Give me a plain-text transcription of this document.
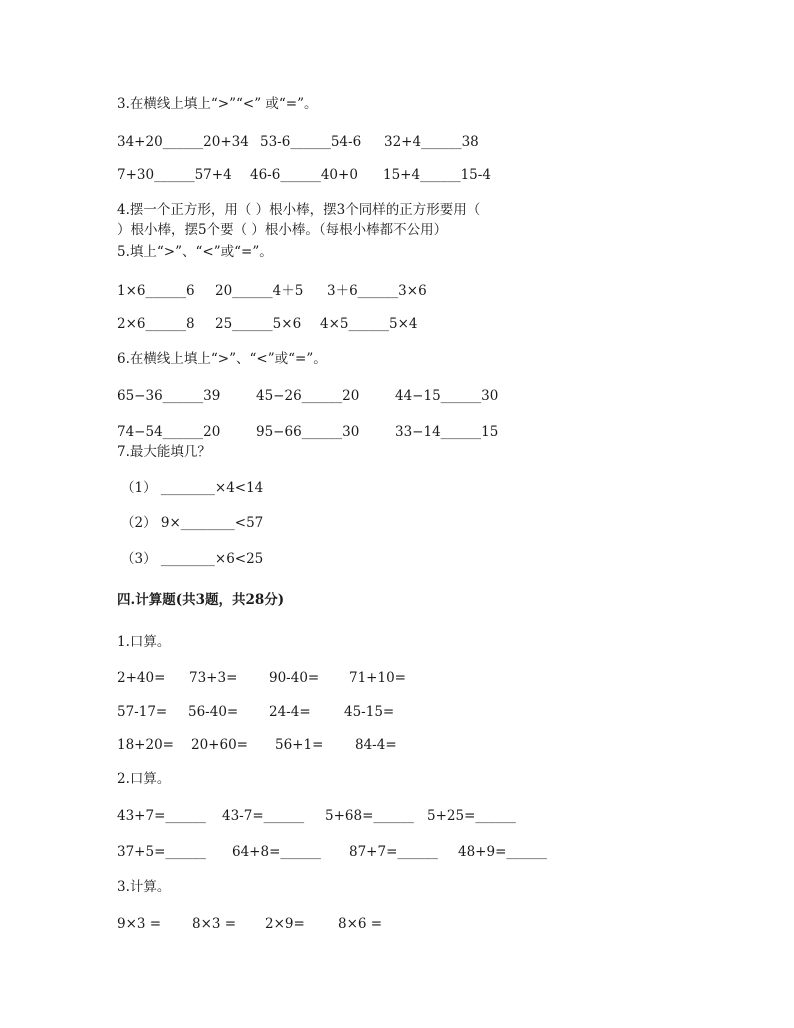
3.在横线上填上“>”“<” 或“=”。
34+20______20+34 53-6______54-6 32+4______38
7+30______57+4 46-6______40+0 15+4______15-4
4.摆一个正方形，用（ ）根小棒，摆3个同样的正方形要用（
）根小棒，摆5个要（ ）根小棒。（每根小棒都不公用）
5.填上“>”、“<”或“=”。
1×6______6 20______4＋5 3＋6______3×6
2×6______8 25______5×6 4×5______5×4
6.在横线上填上“>”、“<”或“=”。
65−36______39	45−26______20	44−15______30
74−54______20	95−66______30	33−14______15
7.最大能填几？
（1） ________×4<14
（2） 9×________<57
（3） ________×6<25
四.计算题(共3题，共28分)
1.口算。
2+40= 73+3= 90-40= 71+10=
57-17= 56-40= 24-4= 45-15=
18+20= 20+60= 56+1= 84-4=
2.口算。
43+7=______ 43-7=______ 5+68=______ 5+25=______
37+5=______ 64+8=______ 87+7=______ 48+9=______
3.计算。
9×3 = 8×3 = 2×9= 8×6 =
